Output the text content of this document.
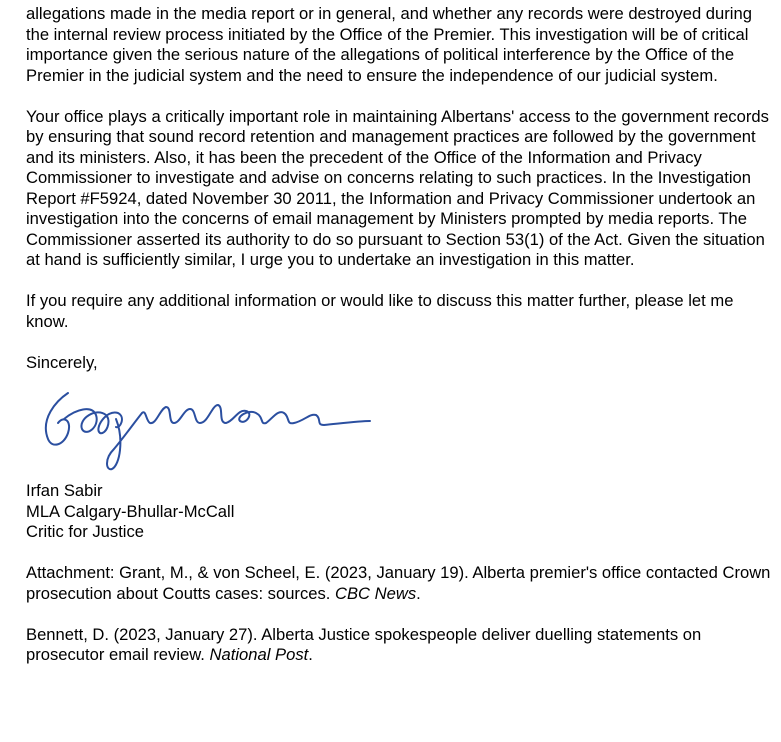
allegations made in the media report or in general, and whether any records were destroyed during the internal review process initiated by the Office of the Premier. This investigation will be of critical importance given the serious nature of the allegations of political interference by the Office of the Premier in the judicial system and the need to ensure the independence of our judicial system.

Your office plays a critically important role in maintaining Albertans' access to the government records by ensuring that sound record retention and management practices are followed by the government and its ministers. Also, it has been the precedent of the Office of the Information and Privacy Commissioner to investigate and advise on concerns relating to such practices. In the Investigation Report #F5924, dated November 30 2011, the Information and Privacy Commissioner undertook an investigation into the concerns of email management by Ministers prompted by media reports. The Commissioner asserted its authority to do so pursuant to Section 53(1) of the Act. Given the situation at hand is sufficiently similar, I urge you to undertake an investigation in this matter.

If you require any additional information or would like to discuss this matter further, please let me know.

Sincerely,

Irfan Sabir
MLA Calgary-Bhullar-McCall
Critic for Justice

Attachment: Grant, M., & von Scheel, E. (2023, January 19). Alberta premier's office contacted Crown prosecution about Coutts cases: sources. CBC News.

Bennett, D. (2023, January 27). Alberta Justice spokespeople deliver duelling statements on prosecutor email review. National Post.
